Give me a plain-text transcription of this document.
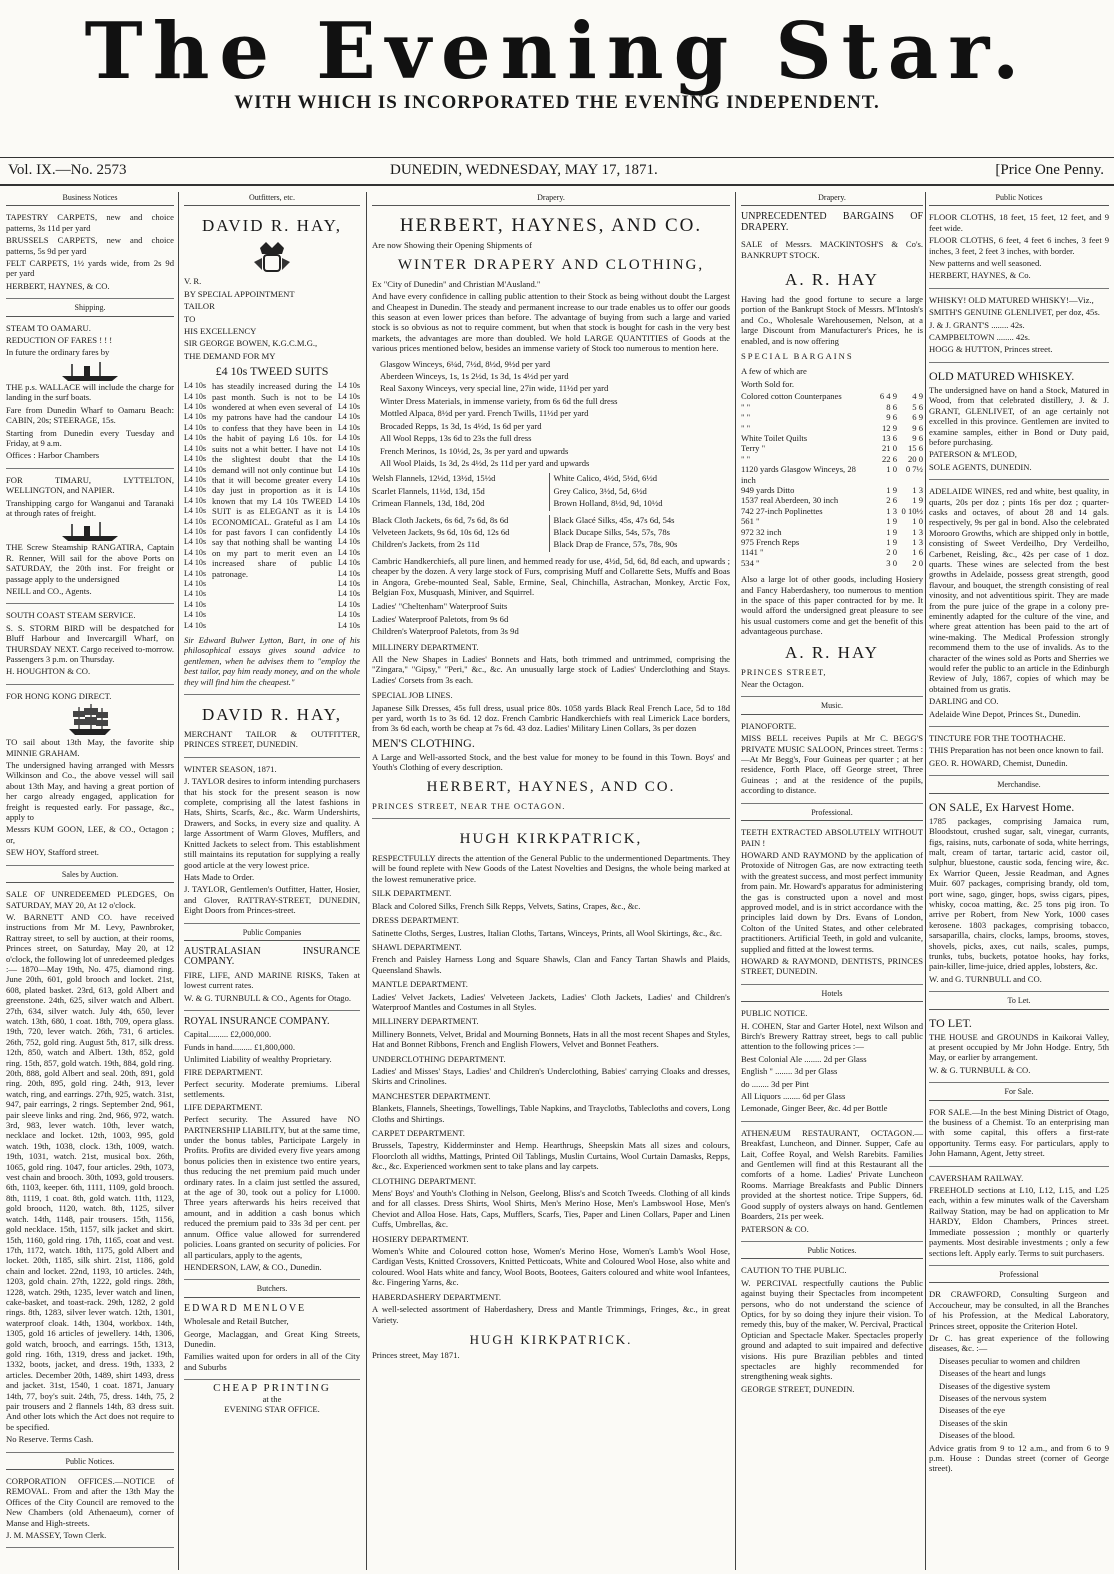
The Evening Star.
WITH WHICH IS INCORPORATED THE EVENING INDEPENDENT.
Vol. IX.—No. 2573	DUNEDIN, WEDNESDAY, MAY 17, 1871.	[Price One Penny.
Business Notices

TAPESTRY CARPETS, new and choice patterns, 3s 11d per yard

BRUSSELS CARPETS, new and choice patterns, 5s 9d per yard

FELT CARPETS, 1½ yards wide, from 2s 9d per yard

HERBERT, HAYNES, & CO.

Shipping.

STEAM TO OAMARU.

REDUCTION OF FARES ! ! !

In future the ordinary fares by

THE p.s. WALLACE will include the charge for landing in the surf boats.

Fare from Dunedin Wharf to Oamaru Beach: CABIN, 20s; STEERAGE, 15s.

Starting from Dunedin every Tuesday and Friday, at 9 a.m.

Offices : Harbor Chambers

FOR TIMARU, LYTTELTON, WELLINGTON, and NAPIER.

Transhipping cargo for Wanganui and Taranaki at through rates of freight.

THE Screw Steamship RANGATIRA, Captain R. Renner, Will sail for the above Ports on SATURDAY, the 20th inst. For freight or passage apply to the undersigned

NEILL and CO., Agents.

SOUTH COAST STEAM SERVICE.

S. S. STORM BIRD will be despatched for Bluff Harbour and Invercargill Wharf, on THURSDAY NEXT. Cargo received to-morrow. Passengers 3 p.m. on Thursday.

H. HOUGHTON & CO.

FOR HONG KONG DIRECT.

TO sail about 13th May, the favorite ship MINNIE GRAHAM.

The undersigned having arranged with Messrs Wilkinson and Co., the above vessel will sail about 13th May, and having a great portion of her cargo already engaged, application for freight is requested early. For passage, &c., apply to

Messrs KUM GOON, LEE, & CO., Octagon ; or,

SEW HOY, Stafford street.

Sales by Auction.

SALE OF UNREDEEMED PLEDGES, On SATURDAY, MAY 20, At 12 o'clock.

W. BARNETT AND CO. have received instructions from Mr M. Levy, Pawnbroker, Rattray street, to sell by auction, at their rooms, Princes street, on Saturday, May 20, at 12 o'clock, the following lot of unredeemed pledges :— 1870—May 19th, No. 475, diamond ring. June 20th, 601, gold brooch and locket. 21st, 608, plated basket. 23rd, 613, gold Albert and greenstone. 24th, 625, silver watch and Albert. 27th, 634, silver watch. July 4th, 650, lever watch. 13th, 680, 1 coat. 18th, 709, opera glass. 19th, 720, lever watch. 26th, 731, 6 articles. 26th, 752, gold ring. August 5th, 817, silk dress. 12th, 850, watch and Albert. 13th, 852, gold ring. 15th, 857, gold watch. 19th, 884, gold ring. 20th, 888, gold Albert and seal. 20th, 891, gold ring. 20th, 895, gold ring. 24th, 913, lever watch, ring, and earrings. 27th, 925, watch. 31st, 947, pair earrings, 2 rings. September 2nd, 961, pair sleeve links and ring. 2nd, 966, 972, watch. 3rd, 983, lever watch. 10th, lever watch, necklace and locket. 12th, 1003, 995, gold watch. 19th, 1038, clock. 13th, 1009, watch. 19th, 1031, watch. 21st, musical box. 26th, 1065, gold ring. 1047, four articles. 29th, 1073, vest chain and brooch. 30th, 1093, gold trousers. 6th, 1103, keeper. 6th, 1111, 1109, gold brooch. 8th, 1119, 1 coat. 8th, gold watch. 11th, 1123, gold brooch, 1120, watch. 8th, 1125, silver watch. 14th, 1148, pair trousers. 15th, 1156, gold necklace. 15th, 1157, silk jacket and skirt. 15th, 1160, gold ring. 17th, 1165, coat and vest. 17th, 1172, watch. 18th, 1175, gold Albert and locket. 20th, 1185, silk shirt. 21st, 1186, gold chain and locket. 22nd, 1193, 10 articles. 24th, 1203, gold chain. 27th, 1222, gold rings. 28th, 1228, watch. 29th, 1235, lever watch and linen, cake-basket, and toast-rack. 29th, 1282, 2 gold rings. 8th, 1283, silver lever watch. 12th, 1301, waterproof cloak. 14th, 1304, workbox. 14th, 1305, gold 16 articles of jewellery. 14th, 1306, gold watch, brooch, and earrings. 15th, 1313, gold ring. 16th, 1319, dress and jacket. 19th, 1332, boots, jacket, and dress. 19th, 1333, 2 articles. December 20th, 1489, shirt 1493, dress and jacket. 31st, 1540, 1 coat. 1871, January 14th, 77, boy's suit. 24th, 75, dress. 14th, 75, 2 pair trousers and 2 flannels 14th, 83 dress suit. And other lots which the Act does not require to be specified.

No Reserve. Terms Cash.

Public Notices.

CORPORATION OFFICES.—NOTICE of REMOVAL. From and after the 13th May the Offices of the City Council are removed to the New Chambers (old Athenaeum), corner of Manse and High-streets.

J. M. MASSEY, Town Clerk.

Outfitters, etc.
DAVID R. HAY,

V. R.

BY SPECIAL APPOINTMENT

TAILOR

TO

HIS EXCELLENCY

SIR GEORGE BOWEN, K.G.C.M.G.,

THE DEMAND FOR MY

£4 10s TWEED SUITS
L4 10s
L4 10s
L4 10s
L4 10s
L4 10s
L4 10s
L4 10s
L4 10s
L4 10s
L4 10s
L4 10s
L4 10s
L4 10s
L4 10s
L4 10s
L4 10s
L4 10s
L4 10s
L4 10s
L4 10s
L4 10s
L4 10s
L4 10s
L4 10s

has steadily increased during the past month. Such is not to be wondered at when even several of my patrons have had the candour to confess that they have been in the habit of paying L6 10s. for suits not a whit better. I have not the slightest doubt that the demand will not only continue but that it will become greater every day just in proportion as it is known that my L4 10s TWEED SUIT is as ELEGANT as it is ECONOMICAL. Grateful as I am for past favors I can confidently say that nothing shall be wanting on my part to merit even an increased share of public patronage.

L4 10s
L4 10s
L4 10s
L4 10s
L4 10s
L4 10s
L4 10s
L4 10s
L4 10s
L4 10s
L4 10s
L4 10s
L4 10s
L4 10s
L4 10s
L4 10s
L4 10s
L4 10s
L4 10s
L4 10s
L4 10s
L4 10s
L4 10s
L4 10s

Sir Edward Bulwer Lytton, Bart, in one of his philosophical essays gives sound advice to gentlemen, when he advises them to "employ the best tailor, pay him ready money, and on the whole they will find him the cheapest."

DAVID R. HAY,

MERCHANT TAILOR & OUTFITTER, PRINCES STREET, DUNEDIN.

WINTER SEASON, 1871.

J. TAYLOR desires to inform intending purchasers that his stock for the present season is now complete, comprising all the latest fashions in Hats, Shirts, Scarfs, &c., &c. Warm Undershirts, Drawers, and Socks, in every size and quality. A large Assortment of Warm Gloves, Mufflers, and Knitted Jackets to select from. This establishment still maintains its reputation for supplying a really good article at the very lowest price.

Hats Made to Order.

J. TAYLOR, Gentlemen's Outfitter, Hatter, Hosier, and Glover, RATTRAY-STREET, DUNEDIN, Eight Doors from Princes-street.

Public Companies

AUSTRALASIAN INSURANCE COMPANY.

FIRE, LIFE, AND MARINE RISKS, Taken at lowest current rates.

W. & G. TURNBULL & CO., Agents for Otago.

ROYAL INSURANCE COMPANY.

Capital......... £2,000,000.

Funds in hand......... £1,800,000.

Unlimited Liability of wealthy Proprietary.

FIRE DEPARTMENT.

Perfect security. Moderate premiums. Liberal settlements.

LIFE DEPARTMENT.

Perfect security. The Assured have NO PARTNERSHIP LIABILITY, but at the same time, under the bonus tables, Participate Largely in Profits. Profits are divided every five years among bonus policies then in existence two entire years, thus reducing the net premium paid much under ordinary rates. In a claim just settled the assured, at the age of 30, took out a policy for L1000. Three years afterwards his heirs received that amount, and in addition a cash bonus which reduced the premium paid to 33s 3d per cent. per annum. Office value allowed for surrendered policies. Loans granted on security of policies. For all particulars, apply to the agents,

HENDERSON, LAW, & CO., Dunedin.

Butchers.

EDWARD MENLOVE

Wholesale and Retail Butcher,

George, Maclaggan, and Great King Streets, Dunedin.

Families waited upon for orders in all of the City and Suburbs

CHEAP PRINTING

at the

EVENING STAR OFFICE.

Drapery.
HERBERT, HAYNES, AND CO.

Are now Showing their Opening Shipments of

WINTER DRAPERY AND CLOTHING,

Ex "City of Dunedin" and Christian M'Ausland."

And have every confidence in calling public attention to their Stock as being without doubt the Largest and Cheapest in Dunedin. The steady and permanent increase to our trade enables us to offer our goods this season at even lower prices than before. The advantage of buying from such a large and varied stock is so obvious as not to require comment, but when that stock is bought for cash in the very best markets, the advantages are more than doubled. We hold LARGE QUANTITIES of Goods at the various prices mentioned below, besides an immense variety of Stock too numerous to mention here.

Glasgow Winceys, 6¼d, 7½d, 8½d, 9½d per yard

Aberdeen Winceys, 1s, 1s 2½d, 1s 3d, 1s 4½d per yard

Real Saxony Winceys, very special line, 27in wide, 11½d per yard

Winter Dress Materials, in immense variety, from 6s 6d the full dress

Mottled Alpaca, 8½d per yard. French Twills, 11½d per yard

Brocaded Repps, 1s 3d, 1s 4½d, 1s 6d per yard

All Wool Repps, 13s 6d to 23s the full dress

French Merinos, 1s 10½d, 2s, 3s per yard and upwards

All Wool Plaids, 1s 3d, 2s 4½d, 2s 11d per yard and upwards

Welsh Flannels, 12½d, 13½d, 15½d

Scarlet Flannels, 11½d, 13d, 15d

Crimean Flannels, 13d, 18d, 20d

White Calico, 4½d, 5½d, 6½d

Grey Calico, 3½d, 5d, 6½d

Brown Holland, 8½d, 9d, 10½d

Black Cloth Jackets, 6s 6d, 7s 6d, 8s 6d

Velveteen Jackets, 9s 6d, 10s 6d, 12s 6d

Children's Jackets, from 2s 11d

Black Glacé Silks, 45s, 47s 6d, 54s

Black Ducape Silks, 54s, 57s, 78s

Black Drap de France, 57s, 78s, 90s

Cambric Handkerchiefs, all pure linen, and hemmed ready for use, 4½d, 5d, 6d, 8d each, and upwards ; cheaper by the dozen. A very large stock of Furs, comprising Muff and Collarette Sets, Muffs and Boas in Angora, Grebe-mounted Seal, Sable, Ermine, Seal, Chinchilla, Astrachan, Monkey, Arctic Fox, Belgian Fox, Musquash, Miniver, and Squirrel.

Ladies' "Cheltenham" Waterproof Suits

Ladies' Waterproof Paletots, from 9s 6d

Children's Waterproof Paletots, from 3s 9d

MILLINERY DEPARTMENT.

All the New Shapes in Ladies' Bonnets and Hats, both trimmed and untrimmed, comprising the "Zingara," "Gipsy," "Peri," &c., &c. An unusually large stock of Ladies' Underclothing and Stays. Ladies' Corsets from 3s each.

SPECIAL JOB LINES.

Japanese Silk Dresses, 45s full dress, usual price 80s. 1058 yards Black Real French Lace, 5d to 18d per yard, worth 1s to 3s 6d. 12 doz. French Cambric Handkerchiefs with real Limerick Lace borders, from 3s 6d each, worth be cheap at 7s 6d. 43 doz. Ladies' Military Linen Collars, 3s per dozen

MEN'S CLOTHING.

A Large and Well-assorted Stock, and the best value for money to be found in this Town. Boys' and Youth's Clothing of every description.

HERBERT, HAYNES, AND CO.

PRINCES STREET, NEAR THE OCTAGON.

HUGH KIRKPATRICK,

RESPECTFULLY directs the attention of the General Public to the undermentioned Departments. They will be found replete with New Goods of the Latest Novelties and Designs, the whole being marked at the lowest remunerative price.

SILK DEPARTMENT.

Black and Colored Silks, French Silk Repps, Velvets, Satins, Crapes, &c., &c.

DRESS DEPARTMENT.

Satinette Cloths, Serges, Lustres, Italian Cloths, Tartans, Winceys, Prints, all Wool Skirtings, &c., &c.

SHAWL DEPARTMENT.

French and Paisley Harness Long and Square Shawls, Clan and Fancy Tartan Shawls and Plaids, Queensland Shawls.

MANTLE DEPARTMENT.

Ladies' Velvet Jackets, Ladies' Velveteen Jackets, Ladies' Cloth Jackets, Ladies' and Children's Waterproof Mantles and Costumes in all Styles.

MILLINERY DEPARTMENT.

Millinery Bonnets, Velvet, Bridal and Mourning Bonnets, Hats in all the most recent Shapes and Styles, Hat and Bonnet Ribbons, French and English Flowers, Velvet and Bonnet Feathers.

UNDERCLOTHING DEPARTMENT.

Ladies' and Misses' Stays, Ladies' and Children's Underclothing, Babies' carrying Cloaks and dresses, Skirts and Crinolines.

MANCHESTER DEPARTMENT.

Blankets, Flannels, Sheetings, Towellings, Table Napkins, and Trayclotbs, Tablecloths and covers, Long Cloths and Shirtings.

CARPET DEPARTMENT.

Brussels, Tapestry, Kidderminster and Hemp. Hearthrugs, Sheepskin Mats all sizes and colours, Floorcloth all widths, Mattings, Printed Oil Tablings, Muslin Curtains, Wool Curtain Damasks, Repps, &c., &c. Experienced workmen sent to take plans and lay carpets.

CLOTHING DEPARTMENT.

Mens' Boys' and Youth's Clothing in Nelson, Geelong, Bliss's and Scotch Tweeds. Clothing of all kinds and for all classes. Dress Shirts, Wool Shirts, Men's Merino Hose, Men's Lambswool Hose, Men's Cheviot and Alloa Hose. Hats, Caps, Mufflers, Scarfs, Ties, Paper and Linen Collars, Paper and Linen Cuffs, Umbrellas, &c.

HOSIERY DEPARTMENT.

Women's White and Coloured cotton hose, Women's Merino Hose, Women's Lamb's Wool Hose, Cardigan Vests, Knitted Crossovers, Knitted Petticoats, White and Coloured Wool Hose, also white and coloured. Wool Hats white and fancy, Wool Boots, Bootees, Gaiters coloured and white wool Infantees, &c. Fingering Yarns, &c.

HABERDASHERY DEPARTMENT.

A well-selected assortment of Haberdashery, Dress and Mantle Trimmings, Fringes, &c., in great Variety.

HUGH KIRKPATRICK.

Princes street, May 1871.

Drapery.

UNPRECEDENTED BARGAINS OF DRAPERY.

SALE of Messrs. MACKINTOSH'S & Co's. BANKRUPT STOCK.

A. R. HAY

Having had the good fortune to secure a large portion of the Bankrupt Stock of Messrs. M'Intosh's and Co., Wholesale Warehousemen, Nelson, at a large Discount from Manufacturer's Prices, he is enabled, and is now offering

SPECIAL BARGAINS

A few of which are

Worth Sold for.

Colored cotton Counterpanes	6 4 9	4 9
" "	8 6	5 6
" "	9 6	6 9
" "	12 9	9 6
White Toilet Quilts	13 6	9 6
Terry "	21 0	15 6
" "	22 6	20 0
1120 yards Glasgow Winceys, 28 inch
1 0	0 7½
949 yards Ditto	1 9	1 3
1537 real Aberdeen, 30 inch	2 6	1 9
742 27-inch Poplinettes	1 3 0 10½
561 "	1 9	1 0
972 32 inch	1 9	1 3
975 French Reps	1 9	1 3
1141 "	2 0	1 6
534 "	3 0	2 0

Also a large lot of other goods, including Hosiery and Fancy Haberdashery, too numerous to mention in the space of this paper contracted for by me. It would afford the undersigned great pleasure to see his usual customers come and get the benefit of this advantageous purchase.

A. R. HAY

PRINCES STREET,

Near the Octagon.

Music.

PIANOFORTE.

MISS BELL receives Pupils at Mr C. BEGG'S PRIVATE MUSIC SALOON, Princes street. Terms :—At Mr Begg's, Four Guineas per quarter ; at her residence, Forth Place, off George street, Three Guineas ; and at the residence of the pupils, according to distance.

Professional.

TEETH EXTRACTED ABSOLUTELY WITHOUT PAIN !

HOWARD AND RAYMOND by the application of Protoxide of Nitrogen Gas, are now extracting teeth with the greatest success, and most perfect immunity from pain. Mr. Howard's apparatus for administering the gas is constructed upon a novel and most approved model, and is in strict accordance with the principles laid down by Drs. Evans of London, Colton of the United States, and other celebrated practitioners. Artificial Teeth, in gold and vulcanite, supplied and fitted at the lowest terms.

HOWARD & RAYMOND, DENTISTS, PRINCES STREET, DUNEDIN.

Hotels

PUBLIC NOTICE.

H. COHEN, Star and Garter Hotel, next Wilson and Birch's Brewery Rattray street, begs to call public attention to the following prices :—

Best Colonial Ale ........ 2d per Glass

English " ........ 3d per Glass

do ........ 3d per Pint

All Liquors ........ 6d per Glass

Lemonade, Ginger Beer, &c. 4d per Bottle

ATHENÆUM RESTAURANT, OCTAGON.—Breakfast, Luncheon, and Dinner. Supper, Cafe au Lait, Coffee Royal, and Welsh Rarebits. Families and Gentlemen will find at this Restaurant all the comforts of a home. Ladies' Private Luncheon Rooms. Marriage Breakfasts and Public Dinners provided at the shortest notice. Tripe Suppers, 6d. Good supply of oysters always on hand. Gentlemen Boarders, 21s per week.

PATERSON & CO.

Public Notices.

CAUTION TO THE PUBLIC.

W. PERCIVAL respectfully cautions the Public against buying their Spectacles from incompetent persons, who do not understand the science of Optics, for by so doing they injure their vision. To remedy this, buy of the maker, W. Percival, Practical Optician and Spectacle Maker. Spectacles properly ground and adapted to suit impaired and defective visions. His pure Brazilian pebbles and tinted spectacles are highly recommended for strengthening weak sights.

GEORGE STREET, DUNEDIN.

Public Notices

FLOOR CLOTHS, 18 feet, 15 feet, 12 feet, and 9 feet wide.

FLOOR CLOTHS, 6 feet, 4 feet 6 inches, 3 feet 9 inches, 3 feet, 2 feet 3 inches, with border.

New patterns and well seasoned.

HERBERT, HAYNES, & Co.

WHISKY! OLD MATURED WHISKY!—Viz.,

SMITH'S GENUINE GLENLIVET, per doz, 45s.

J. & J. GRANT'S ........ 42s.

CAMPBELTOWN ........ 42s.

HOGG & HUTTON, Princes street.

OLD MATURED WHISKEY.

The undersigned have on hand a Stock, Matured in Wood, from that celebrated distillery, J. & J. GRANT, GLENLIVET, of an age certainly not excelled in this province. Gentlemen are invited to examine samples, either in Bond or Duty paid, before purchasing.

PATERSON & M'LEOD,

SOLE AGENTS, DUNEDIN.

ADELAIDE WINES, red and white, best quality, in quarts, 20s per doz ; pints 16s per doz ; quarter-casks and octaves, of about 28 and 14 gals. respectively, 9s per gal in bond. Also the celebrated Morooro Growths, which are shipped only in bottle, consisting of Sweet Verdeilho, Dry Verdeilho, Carbenet, Reisling, &c., 42s per case of 1 doz. quarts. These wines are selected from the best growths in Adelaide, possess great strength, good flavour, and bouquet, the strength consisting of real vinosity, and not adventitious spirit. They are made from the pure juice of the grape in a colony pre-eminently adapted for the culture of the vine, and where great attention has been paid to the art of wine-making. The Medical Profession strongly recommend them to the use of invalids. As to the character of the wines sold as Ports and Sherries we would refer the public to an article in the Edinburgh Review of July, 1867, copies of which may be obtained from us gratis.

DARLING and CO.

Adelaide Wine Depot, Princes St., Dunedin.

TINCTURE FOR THE TOOTHACHE.

THIS Preparation has not been once known to fail.

GEO. R. HOWARD, Chemist, Dunedin.

Merchandise.

ON SALE, Ex Harvest Home.

1785 packages, comprising Jamaica rum, Bloodstout, crushed sugar, salt, vinegar, currants, figs, raisins, nuts, carbonate of soda, white herrings, malt, cream of tartar, tartaric acid, castor oil, sulphur, bluestone, caustic soda, fencing wire, &c. Ex Warrior Queen, Jessie Readman, and Agnes Muir. 607 packages, comprising brandy, old tom, port wine, sago, ginger, hops, swiss cigars, pipes, whisky, cocoa matting, &c. 25 tons pig iron. To arrive per Robert, from New York, 1000 cases kerosene. 1803 packages, comprising tobacco, sarsaparilla, chairs, clocks, lamps, brooms, stoves, shovels, picks, axes, cut nails, scales, pumps, trunks, tubs, buckets, potatoe hooks, hay forks, pain-killer, lime-juice, dried apples, lobsters, &c.

W. and G. TURNBULL and CO.

To Let.

TO LET.

THE HOUSE and GROUNDS in Kaikorai Valley, at present occupied by Mr John Hodge. Entry, 5th May, or earlier by arrangement.

W. & G. TURNBULL & CO.

For Sale.

FOR SALE.—In the best Mining District of Otago, the business of a Chemist. To an enterprising man with some capital, this offers a first-rate opportunity. Terms easy. For particulars, apply to John Hamann, Agent, Jetty street.

CAVERSHAM RAILWAY.

FREEHOLD sections at L10, L12, L15, and L25 each, within a few minutes walk of the Caversham Railway Station, may be had on application to Mr HARDY, Eldon Chambers, Princes street. Immediate possession ; monthly or quarterly payments. Most desirable investments ; only a few sections left. Apply early. Terms to suit purchasers.

Professional

DR CRAWFORD, Consulting Surgeon and Accoucheur, may be consulted, in all the Branches of his Profession, at the Medical Laboratory, Princes street, opposite the Criterion Hotel.

Dr C. has great experience of the following diseases, &c. :—

Diseases peculiar to women and children

Diseases of the heart and lungs

Diseases of the digestive system

Diseases of the nervous system

Diseases of the eye

Diseases of the skin

Diseases of the blood.

Advice gratis from 9 to 12 a.m., and from 6 to 9 p.m. House : Dundas street (corner of George street).
